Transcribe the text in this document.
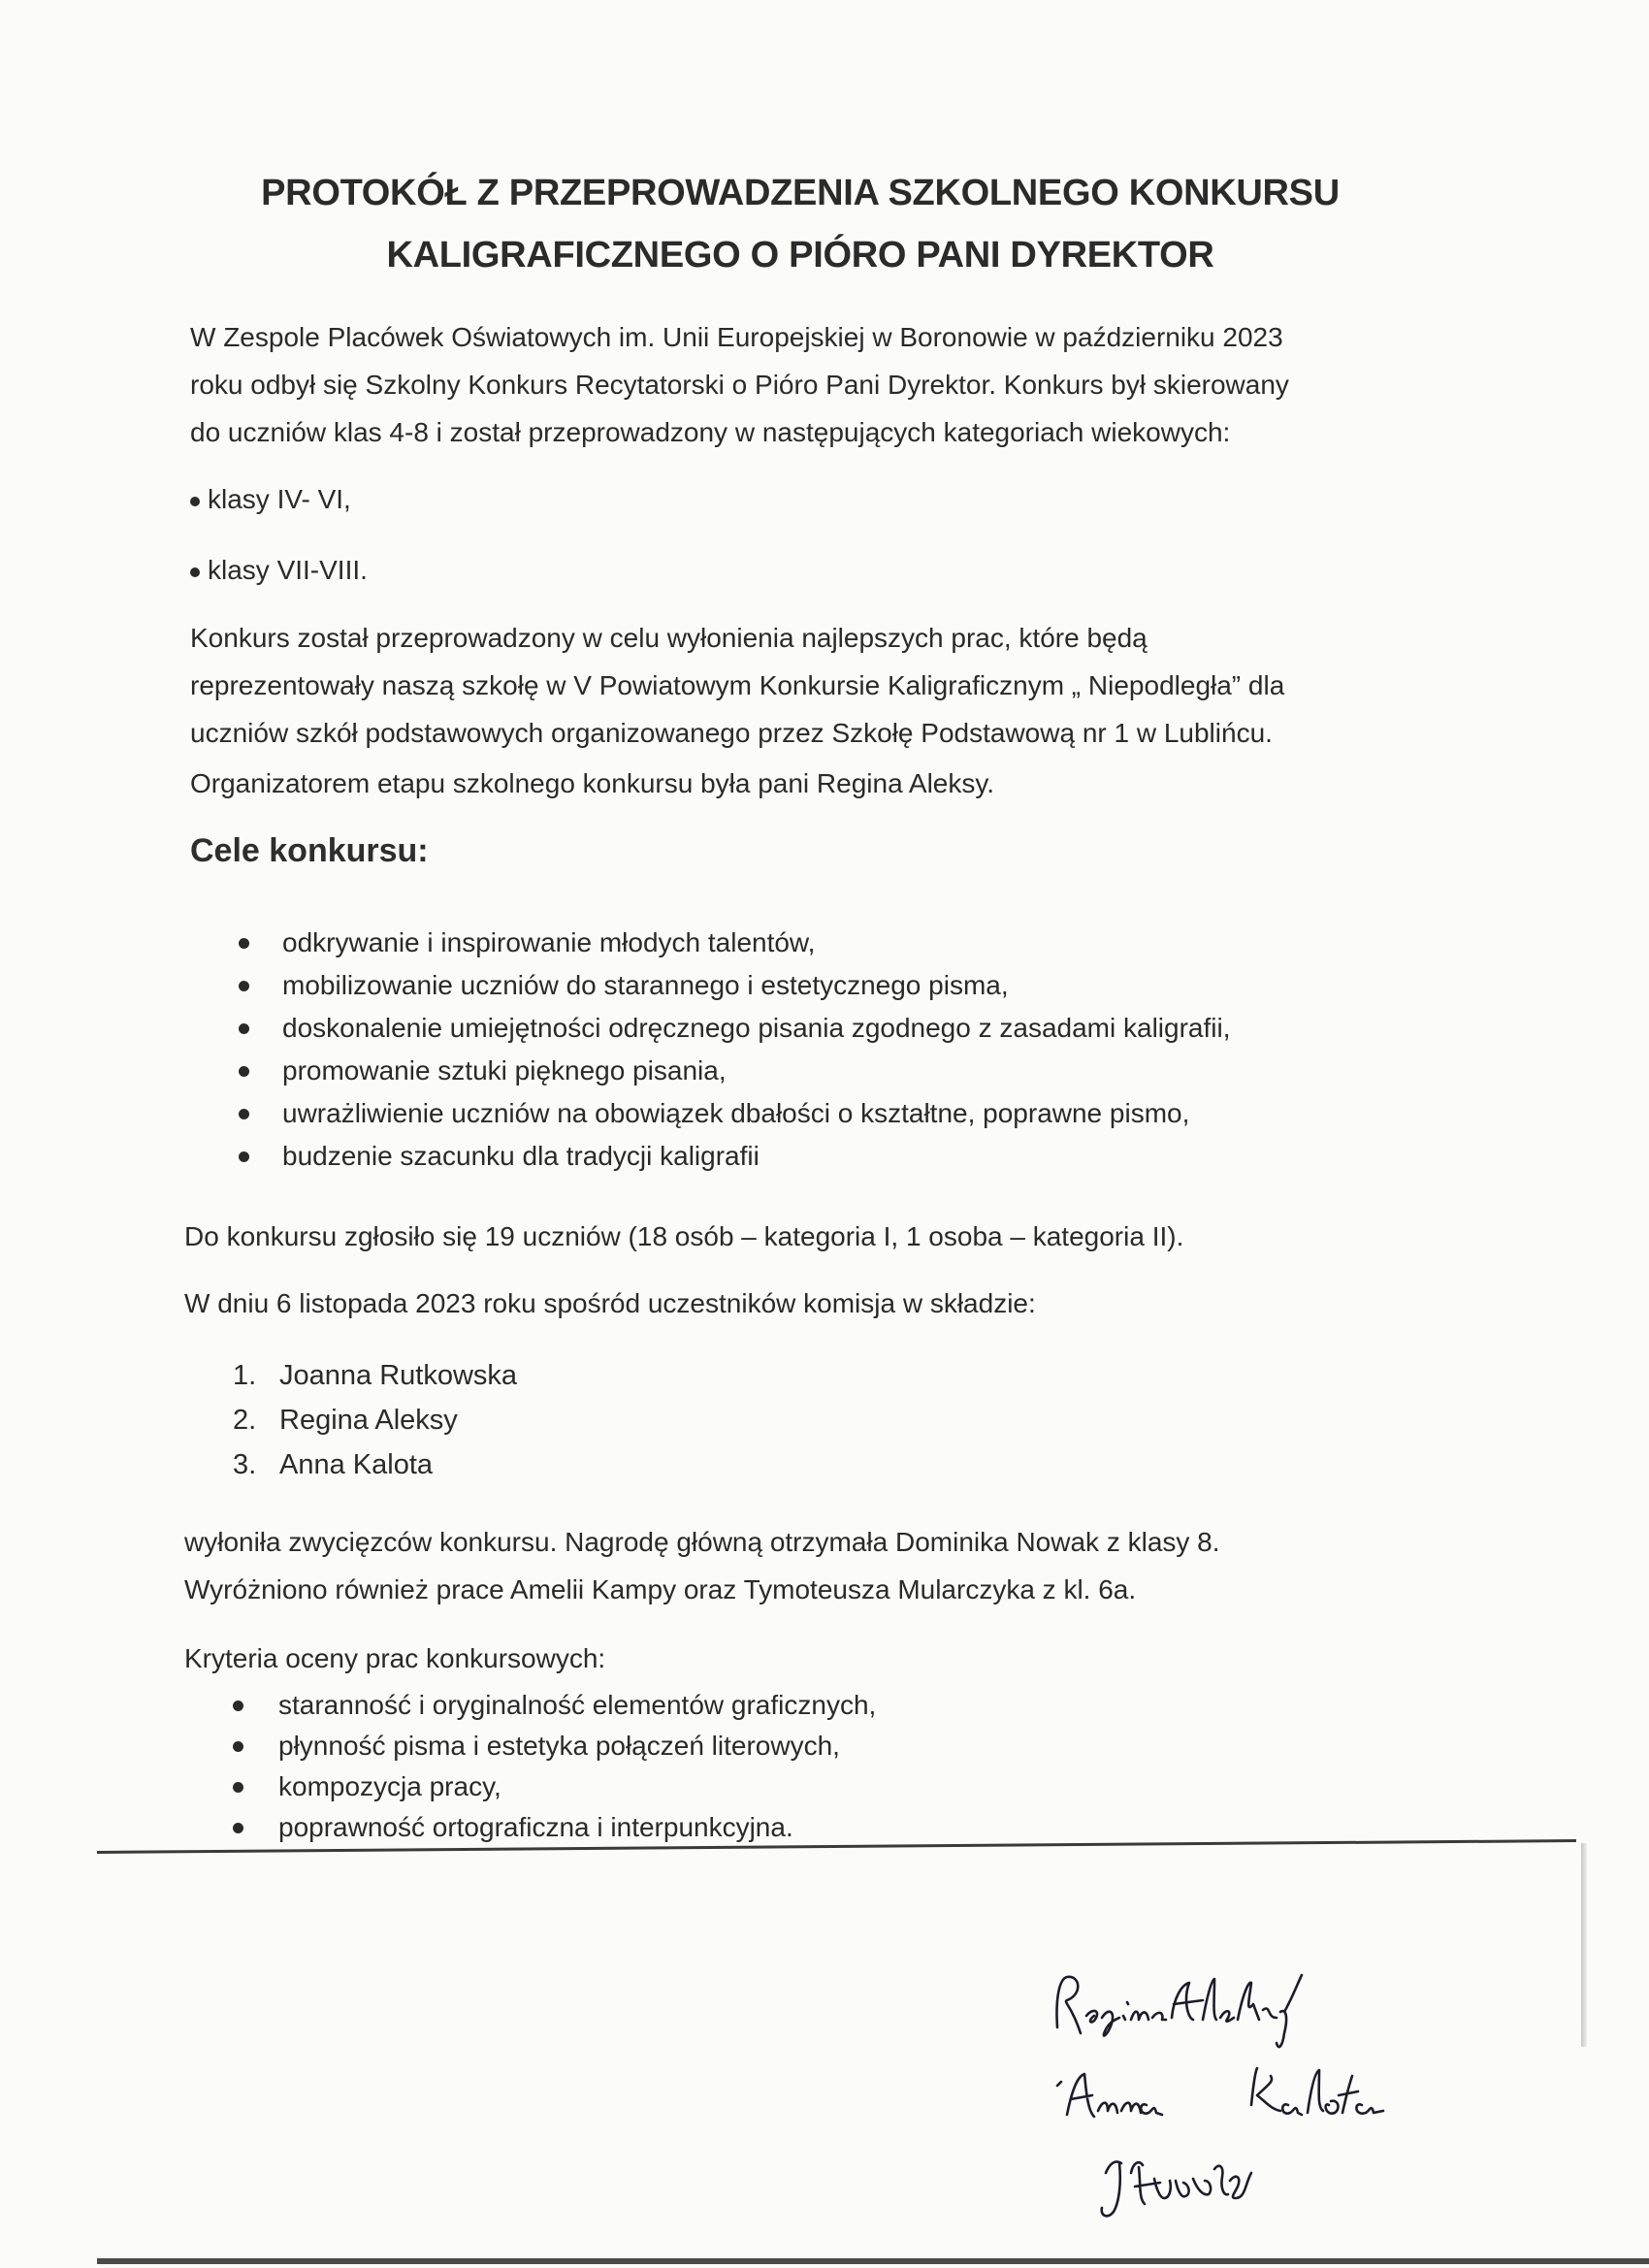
PROTOKÓŁ Z PRZEPROWADZENIA SZKOLNEGO KONKURSU
KALIGRAFICZNEGO O PIÓRO PANI DYREKTOR

W Zespole Placówek Oświatowych im. Unii Europejskiej w Boronowie w październiku 2023
roku odbył się Szkolny Konkurs Recytatorski o Pióro Pani Dyrektor. Konkurs był skierowany
do uczniów klas 4-8 i został przeprowadzony w następujących kategoriach wiekowych:

klasy IV- VI,
klasy VII-VIII.

Konkurs został przeprowadzony w celu wyłonienia najlepszych prac, które będą
reprezentowały naszą szkołę w V Powiatowym Konkursie Kaligraficznym „ Niepodległa” dla
uczniów szkół podstawowych organizowanego przez Szkołę Podstawową nr 1 w Lublińcu.

Organizatorem etapu szkolnego konkursu była pani Regina Aleksy.

Cele konkursu:
odkrywanie i inspirowanie młodych talentów,
mobilizowanie uczniów do starannego i estetycznego pisma,
doskonalenie umiejętności odręcznego pisania zgodnego z zasadami kaligrafii,
promowanie sztuki pięknego pisania,
uwrażliwienie uczniów na obowiązek dbałości o kształtne, poprawne pismo,
budzenie szacunku dla tradycji kaligrafii

Do konkursu zgłosiło się 19 uczniów (18 osób – kategoria I, 1 osoba – kategoria II).

W dniu 6 listopada 2023 roku spośród uczestników komisja w składzie:

1. Joanna Rutkowska
2. Regina Aleksy
3. Anna Kalota

wyłoniła zwycięzców konkursu. Nagrodę główną otrzymała Dominika Nowak z klasy 8.
Wyróżniono również prace Amelii Kampy oraz Tymoteusza Mularczyka z kl. 6a.

Kryteria oceny prac konkursowych:

staranność i oryginalność elementów graficznych,
płynność pisma i estetyka połączeń literowych,
kompozycja pracy,
poprawność ortograficzna i interpunkcyjna.
